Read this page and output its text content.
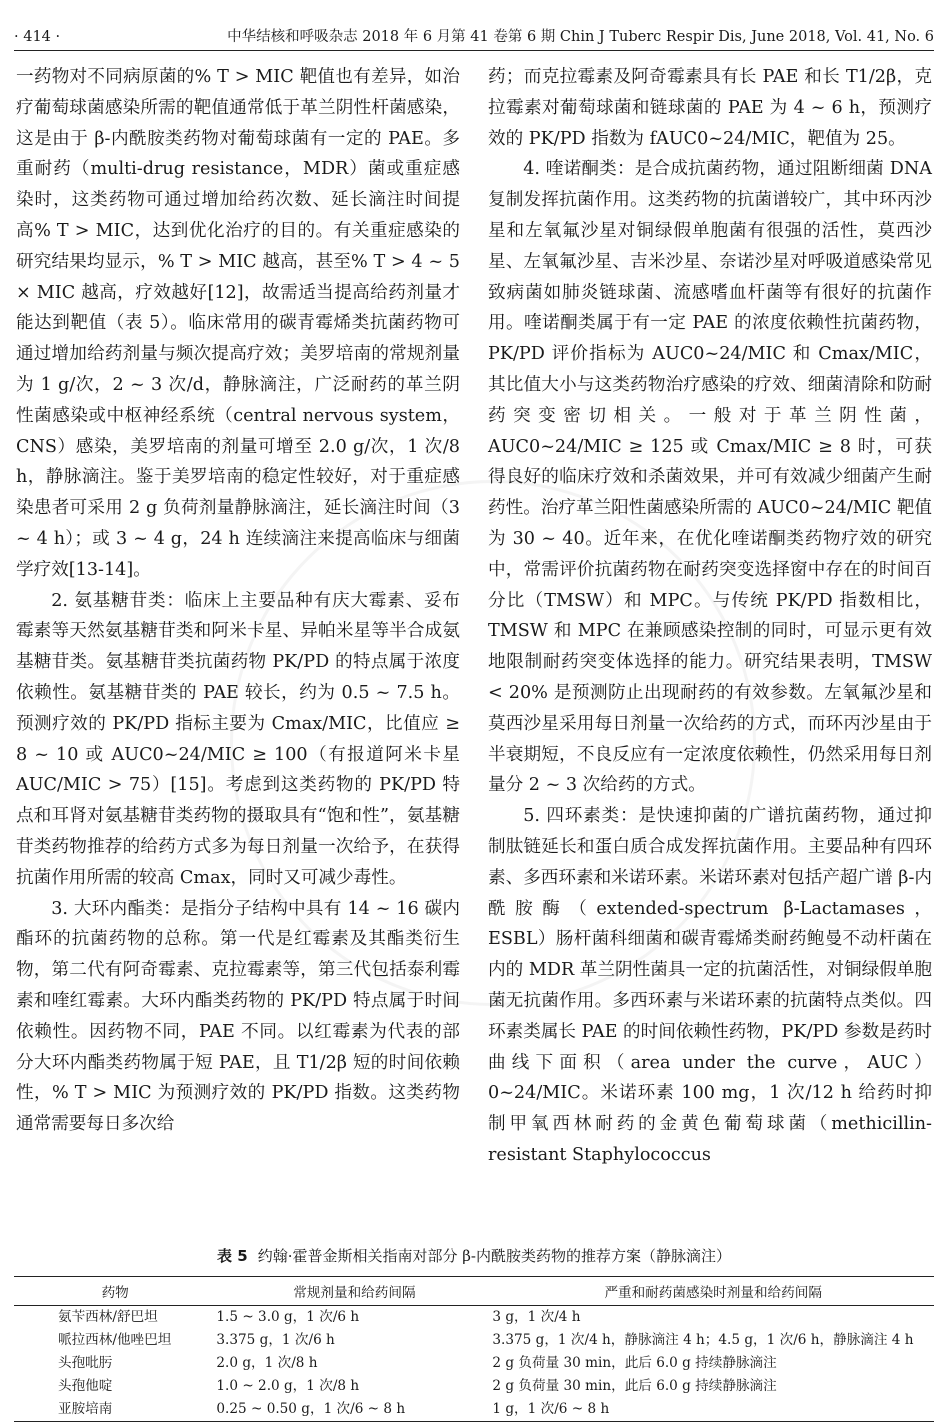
· 414 ·	中华结核和呼吸杂志 2018 年 6 月第 41 卷第 6 期 Chin J Tuberc Respir Dis, June 2018, Vol. 41, No. 6

一药物对不同病原菌的% T > MIC 靶值也有差异，如治疗葡萄球菌感染所需的靶值通常低于革兰阴性杆菌感染，这是由于 β-内酰胺类药物对葡萄球菌有一定的 PAE。多重耐药（multi-drug resistance，MDR）菌或重症感染时，这类药物可通过增加给药次数、延长滴注时间提高% T > MIC，达到优化治疗的目的。有关重症感染的研究结果均显示，% T > MIC 越高，甚至% T > 4 ~ 5 × MIC 越高，疗效越好[12]，故需适当提高给药剂量才能达到靶值（表 5）。临床常用的碳青霉烯类抗菌药物可通过增加给药剂量与频次提高疗效；美罗培南的常规剂量为 1 g/次，2 ~ 3 次/d，静脉滴注，广泛耐药的革兰阴性菌感染或中枢神经系统（central nervous system，CNS）感染，美罗培南的剂量可增至 2.0 g/次，1 次/8 h，静脉滴注。鉴于美罗培南的稳定性较好，对于重症感染患者可采用 2 g 负荷剂量静脉滴注，延长滴注时间（3 ~ 4 h）；或 3 ~ 4 g，24 h 连续滴注来提高临床与细菌学疗效[13-14]。

2. 氨基糖苷类：临床上主要品种有庆大霉素、妥布霉素等天然氨基糖苷类和阿米卡星、异帕米星等半合成氨基糖苷类。氨基糖苷类抗菌药物 PK/PD 的特点属于浓度依赖性。氨基糖苷类的 PAE 较长，约为 0.5 ~ 7.5 h。预测疗效的 PK/PD 指标主要为 Cmax/MIC，比值应 ≥ 8 ~ 10 或 AUC0~24/MIC ≥ 100（有报道阿米卡星 AUC/MIC > 75）[15]。考虑到这类药物的 PK/PD 特点和耳肾对氨基糖苷类药物的摄取具有“饱和性”，氨基糖苷类药物推荐的给药方式多为每日剂量一次给予，在获得抗菌作用所需的较高 Cmax，同时又可减少毒性。

3. 大环内酯类：是指分子结构中具有 14 ~ 16 碳内酯环的抗菌药物的总称。第一代是红霉素及其酯类衍生物，第二代有阿奇霉素、克拉霉素等，第三代包括泰利霉素和喹红霉素。大环内酯类药物的 PK/PD 特点属于时间依赖性。因药物不同，PAE 不同。以红霉素为代表的部分大环内酯类药物属于短 PAE，且 T1/2β 短的时间依赖性，% T > MIC 为预测疗效的 PK/PD 指数。这类药物通常需要每日多次给

药；而克拉霉素及阿奇霉素具有长 PAE 和长 T1/2β，克拉霉素对葡萄球菌和链球菌的 PAE 为 4 ~ 6 h，预测疗效的 PK/PD 指数为 fAUC0~24/MIC，靶值为 25。

4. 喹诺酮类：是合成抗菌药物，通过阻断细菌 DNA 复制发挥抗菌作用。这类药物的抗菌谱较广，其中环丙沙星和左氧氟沙星对铜绿假单胞菌有很强的活性，莫西沙星、左氧氟沙星、吉米沙星、奈诺沙星对呼吸道感染常见致病菌如肺炎链球菌、流感嗜血杆菌等有很好的抗菌作用。喹诺酮类属于有一定 PAE 的浓度依赖性抗菌药物，PK/PD 评价指标为 AUC0~24/MIC 和 Cmax/MIC，其比值大小与这类药物治疗感染的疗效、细菌清除和防耐药突变密切相关。一般对于革兰阴性菌，AUC0~24/MIC ≥ 125 或 Cmax/MIC ≥ 8 时，可获得良好的临床疗效和杀菌效果，并可有效减少细菌产生耐药性。治疗革兰阳性菌感染所需的 AUC0~24/MIC 靶值为 30 ~ 40。近年来，在优化喹诺酮类药物疗效的研究中，常需评价抗菌药物在耐药突变选择窗中存在的时间百分比（TMSW）和 MPC。与传统 PK/PD 指数相比，TMSW 和 MPC 在兼顾感染控制的同时，可显示更有效地限制耐药突变体选择的能力。研究结果表明，TMSW < 20% 是预测防止出现耐药的有效参数。左氧氟沙星和莫西沙星采用每日剂量一次给药的方式，而环丙沙星由于半衰期短，不良反应有一定浓度依赖性，仍然采用每日剂量分 2 ~ 3 次给药的方式。

5. 四环素类：是快速抑菌的广谱抗菌药物，通过抑制肽链延长和蛋白质合成发挥抗菌作用。主要品种有四环素、多西环素和米诺环素。米诺环素对包括产超广谱 β-内酰胺酶（extended-spectrum β-Lactamases，ESBL）肠杆菌科细菌和碳青霉烯类耐药鲍曼不动杆菌在内的 MDR 革兰阴性菌具一定的抗菌活性，对铜绿假单胞菌无抗菌作用。多西环素与米诺环素的抗菌特点类似。四环素类属长 PAE 的时间依赖性药物，PK/PD 参数是药时曲线下面积（area under the curve，AUC）0~24/MIC。米诺环素 100 mg，1 次/12 h 给药时抑制甲氧西林耐药的金黄色葡萄球菌（methicillin-resistant Staphylococcus

表 5 约翰·霍普金斯相关指南对部分 β-内酰胺类药物的推荐方案（静脉滴注）
药物	常规剂量和给药间隔	严重和耐药菌感染时剂量和给药间隔
氨苄西林/舒巴坦	1.5 ~ 3.0 g，1 次/6 h	3 g，1 次/4 h
哌拉西林/他唑巴坦	3.375 g，1 次/6 h	3.375 g，1 次/4 h，静脉滴注 4 h；4.5 g，1 次/6 h，静脉滴注 4 h
头孢吡肟	2.0 g，1 次/8 h	2 g 负荷量 30 min，此后 6.0 g 持续静脉滴注
头孢他啶	1.0 ~ 2.0 g，1 次/8 h	2 g 负荷量 30 min，此后 6.0 g 持续静脉滴注
亚胺培南	0.25 ~ 0.50 g，1 次/6 ~ 8 h	1 g，1 次/6 ~ 8 h
